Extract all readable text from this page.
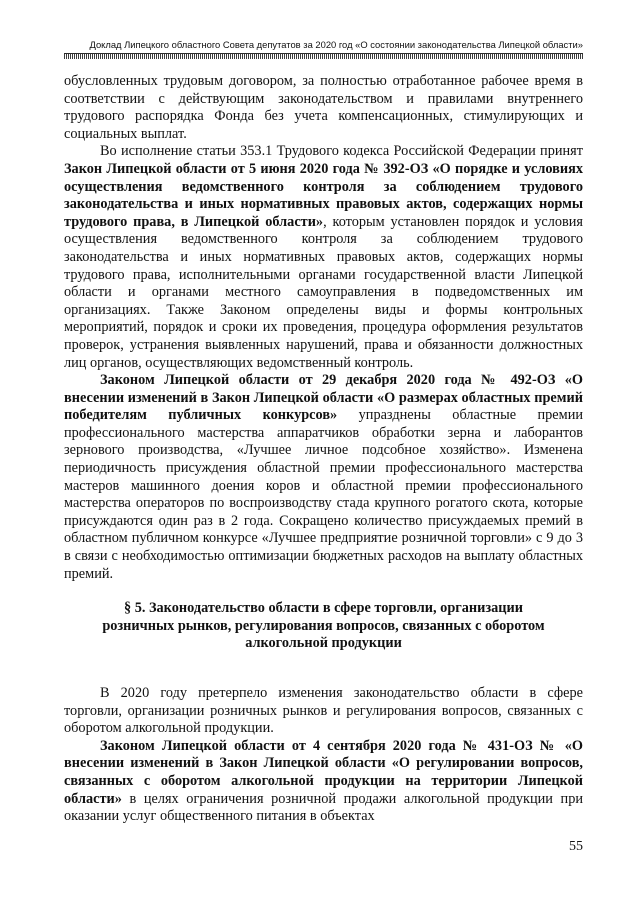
Доклад Липецкого областного Совета депутатов за 2020 год «О состоянии законодательства Липецкой области»

обусловленных трудовым договором, за полностью отработанное рабочее время в соответствии с действующим законодательством и правилами внутреннего трудового распорядка Фонда без учета компенсационных, стимулирующих и социальных выплат.

Во исполнение статьи 353.1 Трудового кодекса Российской Федерации принят Закон Липецкой области от 5 июня 2020 года № 392-ОЗ «О порядке и условиях осуществления ведомственного контроля за соблюдением трудового законодательства и иных нормативных правовых актов, содержащих нормы трудового права, в Липецкой области», которым установлен порядок и условия осуществления ведомственного контроля за соблюдением трудового законодательства и иных нормативных правовых актов, содержащих нормы трудового права, исполнительными органами государственной власти Липецкой области и органами местного самоуправления в подведомственных им организациях. Также Законом определены виды и формы контрольных мероприятий, порядок и сроки их проведения, процедура оформления результатов проверок, устранения выявленных нарушений, права и обязанности должностных лиц органов, осуществляющих ведомственный контроль.

Законом Липецкой области от 29 декабря 2020 года № 492-ОЗ «О внесении изменений в Закон Липецкой области «О размерах областных премий победителям публичных конкурсов» упразднены областные премии профессионального мастерства аппаратчиков обработки зерна и лаборантов зернового производства, «Лучшее личное подсобное хозяйство». Изменена периодичность присуждения областной премии профессионального мастерства мастеров машинного доения коров и областной премии профессионального мастерства операторов по воспроизводству стада крупного рогатого скота, которые присуждаются один раз в 2 года. Сокращено количество присуждаемых премий в областном публичном конкурсе «Лучшее предприятие розничной торговли» с 9 до 3 в связи с необходимостью оптимизации бюджетных расходов на выплату областных премий.

§ 5. Законодательство области в сфере торговли, организации
розничных рынков, регулирования вопросов, связанных с оборотом
алкогольной продукции

В 2020 году претерпело изменения законодательство области в сфере торговли, организации розничных рынков и регулирования вопросов, связанных с оборотом алкогольной продукции.

Законом Липецкой области от 4 сентября 2020 года № 431-ОЗ № «О внесении изменений в Закон Липецкой области «О регулировании вопросов, связанных с оборотом алкогольной продукции на территории Липецкой области» в целях ограничения розничной продажи алкогольной продукции при оказании услуг общественного питания в объектах

55
